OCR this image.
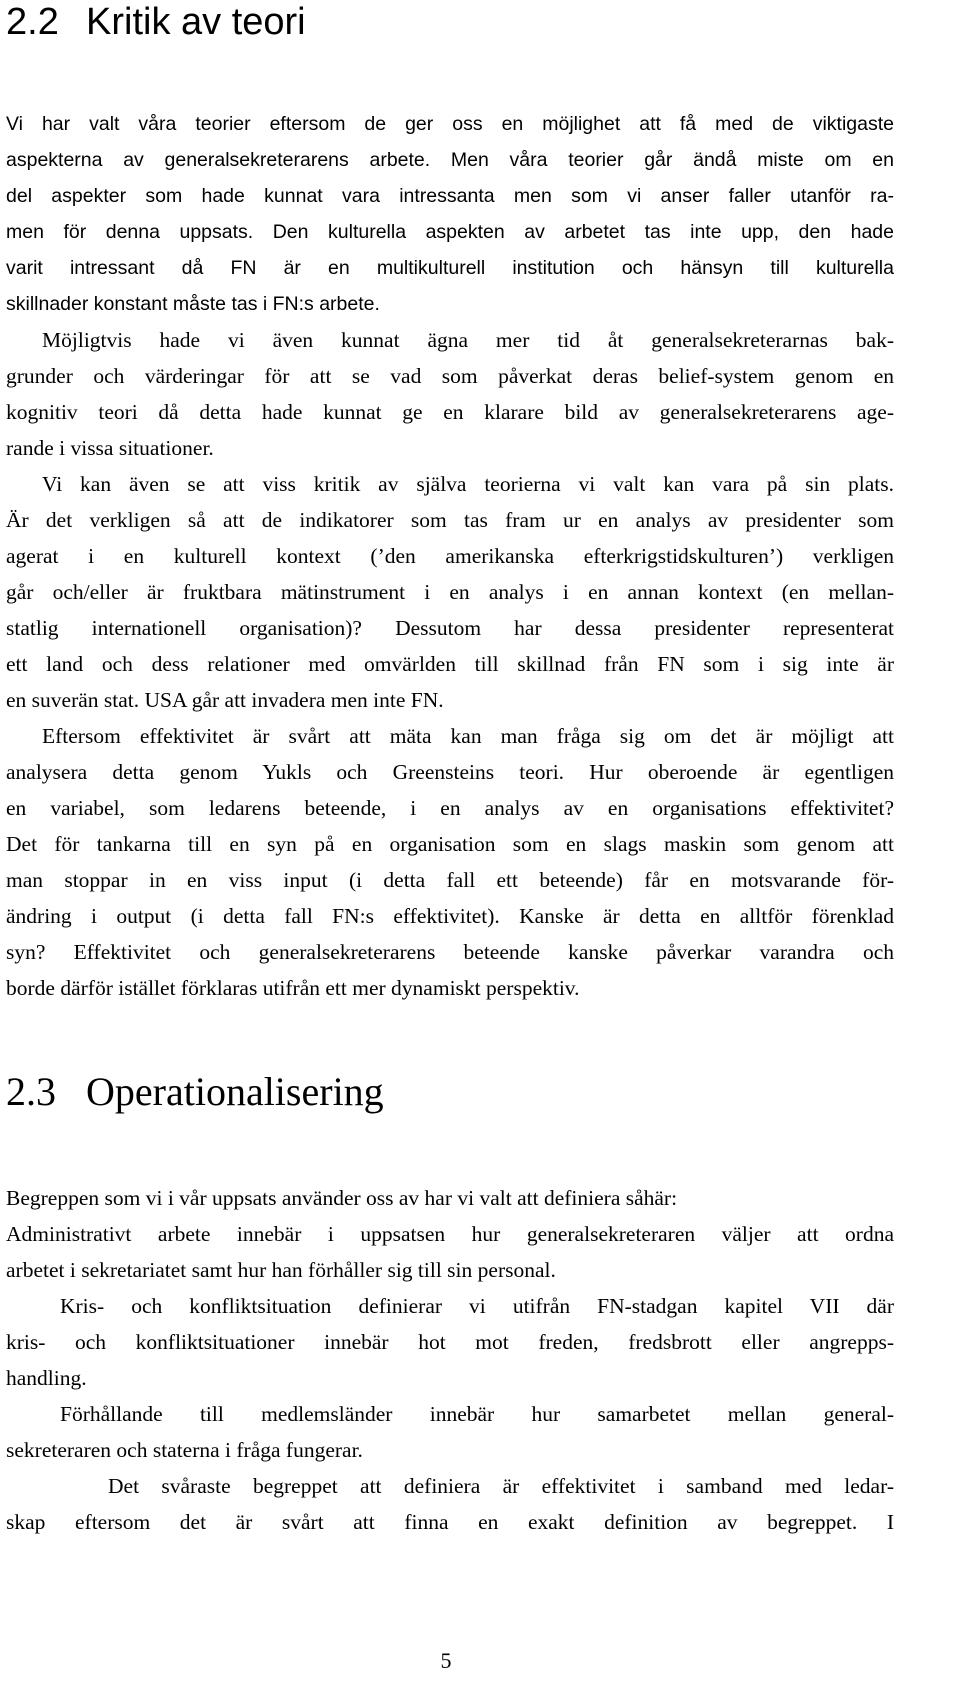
2.2 Kritik av teori
Vi har valt våra teorier eftersom de ger oss en möjlighet att få med de viktigaste
aspekterna av generalsekreterarens arbete. Men våra teorier går ändå miste om en
del aspekter som hade kunnat vara intressanta men som vi anser faller utanför ra-
men för denna uppsats. Den kulturella aspekten av arbetet tas inte upp, den hade
varit intressant då FN är en multikulturell institution och hänsyn till kulturella
skillnader konstant måste tas i FN:s arbete.
Möjligtvis hade vi även kunnat ägna mer tid åt generalsekreterarnas bak-
grunder och värderingar för att se vad som påverkat deras belief-system genom en
kognitiv teori då detta hade kunnat ge en klarare bild av generalsekreterarens age-
rande i vissa situationer.
Vi kan även se att viss kritik av själva teorierna vi valt kan vara på sin plats.
Är det verkligen så att de indikatorer som tas fram ur en analys av presidenter som
agerat i en kulturell kontext (’den amerikanska efterkrigstidskulturen’) verkligen
går och/eller är fruktbara mätinstrument i en analys i en annan kontext (en mellan-
statlig internationell organisation)? Dessutom har dessa presidenter representerat
ett land och dess relationer med omvärlden till skillnad från FN som i sig inte är
en suverän stat. USA går att invadera men inte FN.
Eftersom effektivitet är svårt att mäta kan man fråga sig om det är möjligt att
analysera detta genom Yukls och Greensteins teori. Hur oberoende är egentligen
en variabel, som ledarens beteende, i en analys av en organisations effektivitet?
Det för tankarna till en syn på en organisation som en slags maskin som genom att
man stoppar in en viss input (i detta fall ett beteende) får en motsvarande för-
ändring i output (i detta fall FN:s effektivitet). Kanske är detta en alltför förenklad
syn? Effektivitet och generalsekreterarens beteende kanske påverkar varandra och
borde därför istället förklaras utifrån ett mer dynamiskt perspektiv.
2.3 Operationalisering
Begreppen som vi i vår uppsats använder oss av har vi valt att definiera såhär:
Administrativt arbete innebär i uppsatsen hur generalsekreteraren väljer att ordna
arbetet i sekretariatet samt hur han förhåller sig till sin personal.
Kris- och konfliktsituation definierar vi utifrån FN-stadgan kapitel VII där
kris- och konfliktsituationer innebär hot mot freden, fredsbrott eller angrepps-
handling.
Förhållande till medlemsländer innebär hur samarbetet mellan general-
sekreteraren och staterna i fråga fungerar.
Det svåraste begreppet att definiera är effektivitet i samband med ledar-
skap eftersom det är svårt att finna en exakt definition av begreppet. I
5
